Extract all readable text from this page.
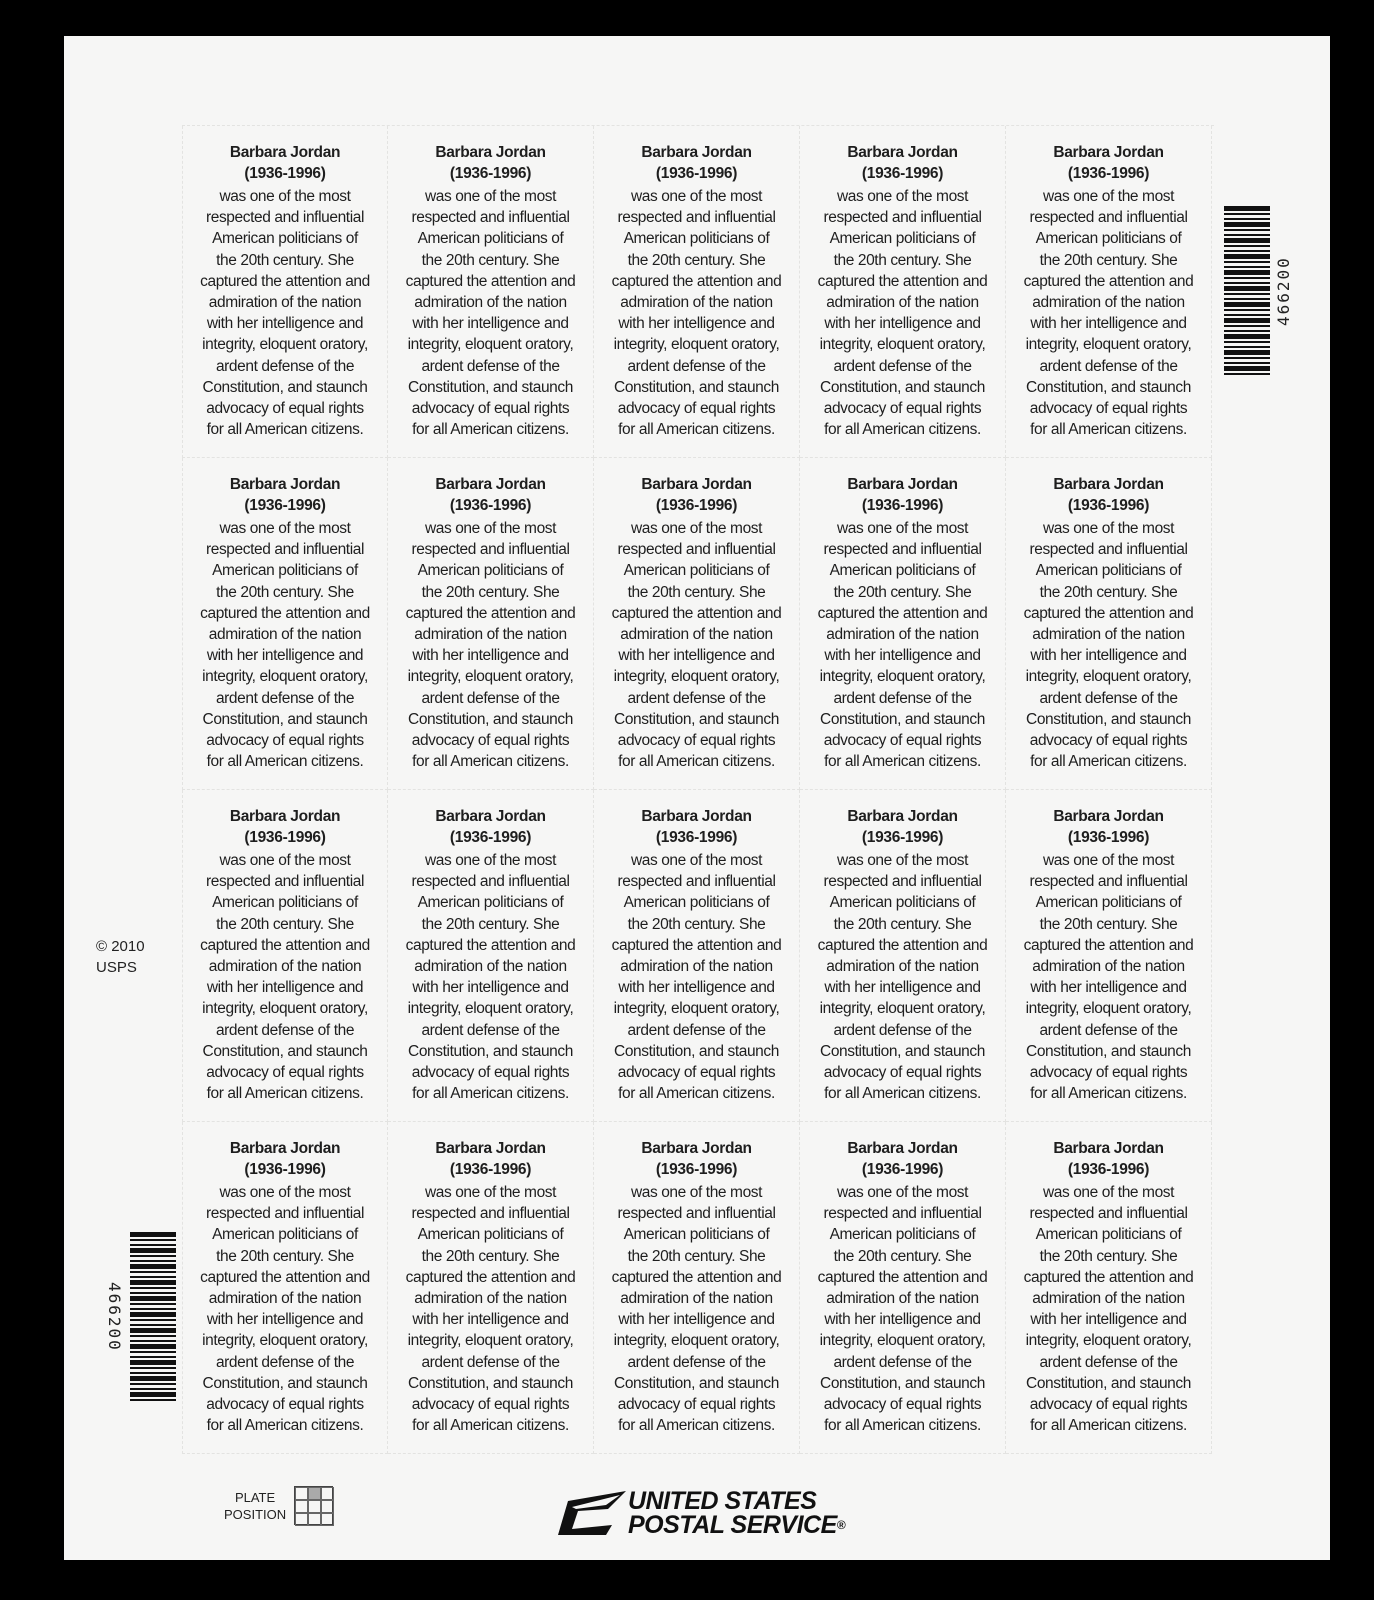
Barbara Jordan
(1936-1996)
was one of the most
respected and influential
American politicians of
the 20th century. She
captured the attention and
admiration of the nation
with her intelligence and
integrity, eloquent oratory,
ardent defense of the
Constitution, and staunch
advocacy of equal rights
for all American citizens.
Barbara Jordan
(1936-1996)
was one of the most
respected and influential
American politicians of
the 20th century. She
captured the attention and
admiration of the nation
with her intelligence and
integrity, eloquent oratory,
ardent defense of the
Constitution, and staunch
advocacy of equal rights
for all American citizens.
Barbara Jordan
(1936-1996)
was one of the most
respected and influential
American politicians of
the 20th century. She
captured the attention and
admiration of the nation
with her intelligence and
integrity, eloquent oratory,
ardent defense of the
Constitution, and staunch
advocacy of equal rights
for all American citizens.
Barbara Jordan
(1936-1996)
was one of the most
respected and influential
American politicians of
the 20th century. She
captured the attention and
admiration of the nation
with her intelligence and
integrity, eloquent oratory,
ardent defense of the
Constitution, and staunch
advocacy of equal rights
for all American citizens.
Barbara Jordan
(1936-1996)
was one of the most
respected and influential
American politicians of
the 20th century. She
captured the attention and
admiration of the nation
with her intelligence and
integrity, eloquent oratory,
ardent defense of the
Constitution, and staunch
advocacy of equal rights
for all American citizens.
Barbara Jordan
(1936-1996)
was one of the most
respected and influential
American politicians of
the 20th century. She
captured the attention and
admiration of the nation
with her intelligence and
integrity, eloquent oratory,
ardent defense of the
Constitution, and staunch
advocacy of equal rights
for all American citizens.
Barbara Jordan
(1936-1996)
was one of the most
respected and influential
American politicians of
the 20th century. She
captured the attention and
admiration of the nation
with her intelligence and
integrity, eloquent oratory,
ardent defense of the
Constitution, and staunch
advocacy of equal rights
for all American citizens.
Barbara Jordan
(1936-1996)
was one of the most
respected and influential
American politicians of
the 20th century. She
captured the attention and
admiration of the nation
with her intelligence and
integrity, eloquent oratory,
ardent defense of the
Constitution, and staunch
advocacy of equal rights
for all American citizens.
Barbara Jordan
(1936-1996)
was one of the most
respected and influential
American politicians of
the 20th century. She
captured the attention and
admiration of the nation
with her intelligence and
integrity, eloquent oratory,
ardent defense of the
Constitution, and staunch
advocacy of equal rights
for all American citizens.
Barbara Jordan
(1936-1996)
was one of the most
respected and influential
American politicians of
the 20th century. She
captured the attention and
admiration of the nation
with her intelligence and
integrity, eloquent oratory,
ardent defense of the
Constitution, and staunch
advocacy of equal rights
for all American citizens.
Barbara Jordan
(1936-1996)
was one of the most
respected and influential
American politicians of
the 20th century. She
captured the attention and
admiration of the nation
with her intelligence and
integrity, eloquent oratory,
ardent defense of the
Constitution, and staunch
advocacy of equal rights
for all American citizens.
Barbara Jordan
(1936-1996)
was one of the most
respected and influential
American politicians of
the 20th century. She
captured the attention and
admiration of the nation
with her intelligence and
integrity, eloquent oratory,
ardent defense of the
Constitution, and staunch
advocacy of equal rights
for all American citizens.
Barbara Jordan
(1936-1996)
was one of the most
respected and influential
American politicians of
the 20th century. She
captured the attention and
admiration of the nation
with her intelligence and
integrity, eloquent oratory,
ardent defense of the
Constitution, and staunch
advocacy of equal rights
for all American citizens.
Barbara Jordan
(1936-1996)
was one of the most
respected and influential
American politicians of
the 20th century. She
captured the attention and
admiration of the nation
with her intelligence and
integrity, eloquent oratory,
ardent defense of the
Constitution, and staunch
advocacy of equal rights
for all American citizens.
Barbara Jordan
(1936-1996)
was one of the most
respected and influential
American politicians of
the 20th century. She
captured the attention and
admiration of the nation
with her intelligence and
integrity, eloquent oratory,
ardent defense of the
Constitution, and staunch
advocacy of equal rights
for all American citizens.
Barbara Jordan
(1936-1996)
was one of the most
respected and influential
American politicians of
the 20th century. She
captured the attention and
admiration of the nation
with her intelligence and
integrity, eloquent oratory,
ardent defense of the
Constitution, and staunch
advocacy of equal rights
for all American citizens.
Barbara Jordan
(1936-1996)
was one of the most
respected and influential
American politicians of
the 20th century. She
captured the attention and
admiration of the nation
with her intelligence and
integrity, eloquent oratory,
ardent defense of the
Constitution, and staunch
advocacy of equal rights
for all American citizens.
Barbara Jordan
(1936-1996)
was one of the most
respected and influential
American politicians of
the 20th century. She
captured the attention and
admiration of the nation
with her intelligence and
integrity, eloquent oratory,
ardent defense of the
Constitution, and staunch
advocacy of equal rights
for all American citizens.
Barbara Jordan
(1936-1996)
was one of the most
respected and influential
American politicians of
the 20th century. She
captured the attention and
admiration of the nation
with her intelligence and
integrity, eloquent oratory,
ardent defense of the
Constitution, and staunch
advocacy of equal rights
for all American citizens.
Barbara Jordan
(1936-1996)
was one of the most
respected and influential
American politicians of
the 20th century. She
captured the attention and
admiration of the nation
with her intelligence and
integrity, eloquent oratory,
ardent defense of the
Constitution, and staunch
advocacy of equal rights
for all American citizens.
© 2010
USPS
466200
466200
PLATE
POSITION	UNITED STATES
POSTAL SERVICE®
